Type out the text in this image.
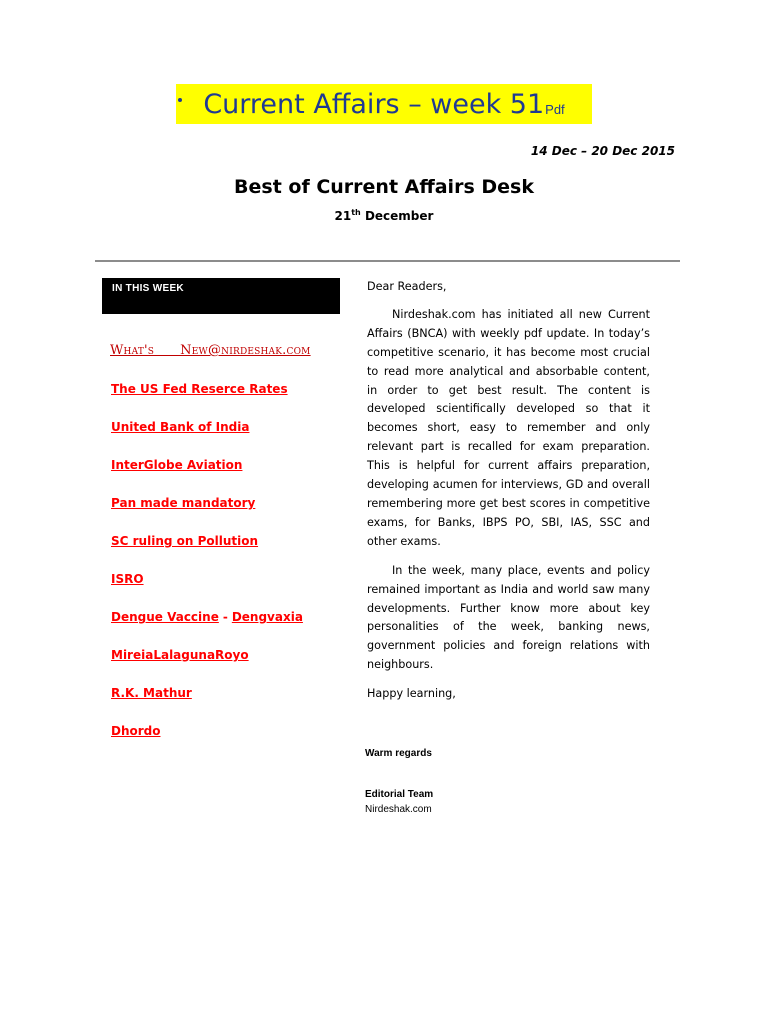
Current Affairs – week 51 Pdf
14 Dec – 20 Dec 2015
Best of Current Affairs Desk
21th December
IN THIS WEEK
What's      New@nirdeshak.com
The US Fed Reserce Rates
United Bank of India
InterGlobe Aviation
Pan made mandatory
SC ruling on Pollution
ISRO
Dengue Vaccine - Dengvaxia
MireiaLalagunaRoyo
R.K. Mathur
Dhordo

Dear Readers,

Nirdeshak.com has initiated all new Current Affairs (BNCA) with weekly pdf update. In today’s competitive scenario, it has become most crucial to read more analytical and absorbable content, in order to get best result. The content is developed scientifically developed so that it becomes short, easy to remember and only relevant part is recalled for exam preparation. This is helpful for current affairs preparation, developing acumen for interviews, GD and overall remembering more get best scores in competitive exams, for Banks, IBPS PO, SBI, IAS, SSC and other exams.

In the week, many place, events and policy remained important as India and world saw many developments. Further know more about key personalities of the week, banking news, government policies and foreign relations with neighbours.

Happy learning,

Warm regards
Editorial Team
Nirdeshak.com
